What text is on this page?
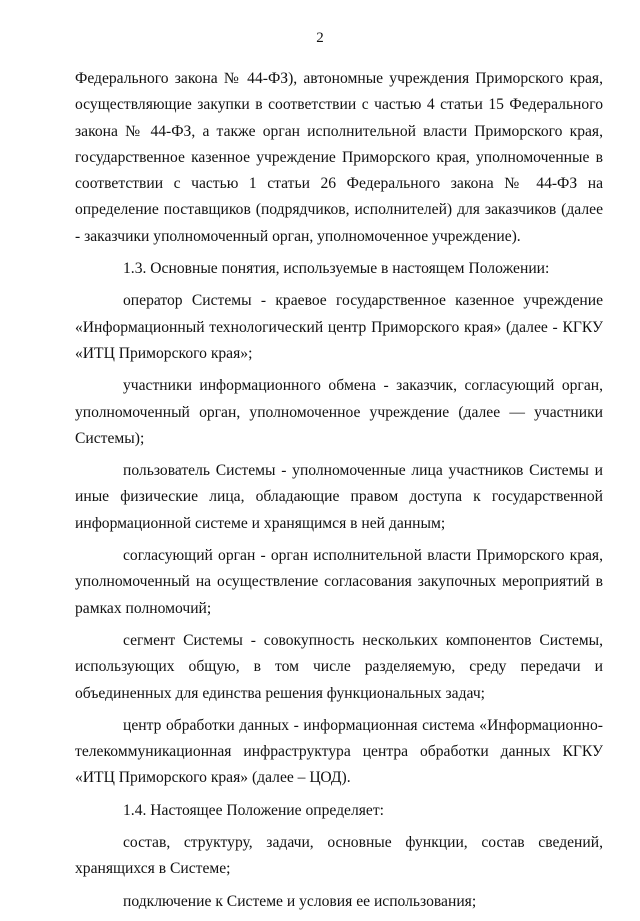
2

Федерального закона № 44-ФЗ), автономные учреждения Приморского края, осуществляющие закупки в соответствии с частью 4 статьи 15 Федерального закона № 44-ФЗ, а также орган исполнительной власти Приморского края, государственное казенное учреждение Приморского края, уполномоченные в соответствии с частью 1 статьи 26 Федерального закона № 44-ФЗ на определение поставщиков (подрядчиков, исполнителей) для заказчиков (далее - заказчики уполномоченный орган, уполномоченное учреждение).

1.3. Основные понятия, используемые в настоящем Положении:

оператор Системы - краевое государственное казенное учреждение «Информационный технологический центр Приморского края» (далее - КГКУ «ИТЦ Приморского края»;

участники информационного обмена - заказчик, согласующий орган, уполномоченный орган, уполномоченное учреждение (далее — участники Системы);

пользователь Системы - уполномоченные лица участников Системы и иные физические лица, обладающие правом доступа к государственной информационной системе и хранящимся в ней данным;

согласующий орган - орган исполнительной власти Приморского края, уполномоченный на осуществление согласования закупочных мероприятий в рамках полномочий;

сегмент Системы - совокупность нескольких компонентов Системы, использующих общую, в том числе разделяемую, среду передачи и объединенных для единства решения функциональных задач;

центр обработки данных - информационная система «Информационно-телекоммуникационная инфраструктура центра обработки данных КГКУ «ИТЦ Приморского края» (далее – ЦОД).

1.4. Настоящее Положение определяет:

состав, структуру, задачи, основные функции, состав сведений, хранящихся в Системе;

подключение к Системе и условия ее использования;
